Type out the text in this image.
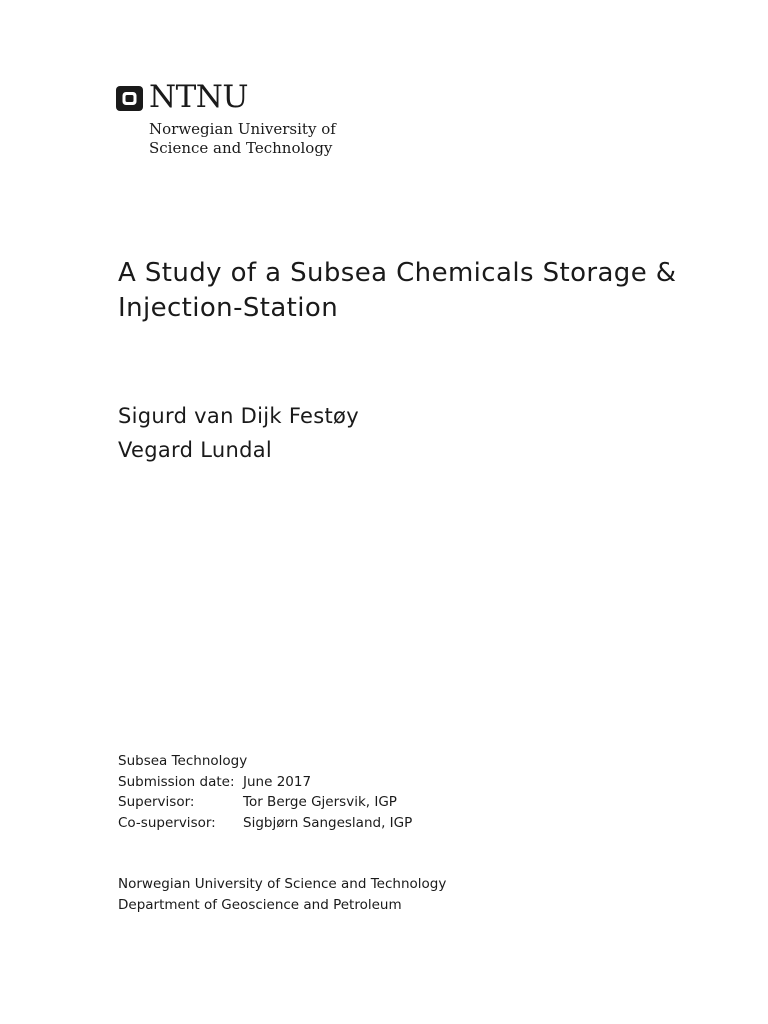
NTNU
Norwegian University of
Science and Technology
A Study of a Subsea Chemicals Storage & Injection-Station
Sigurd van Dijk Festøy
Vegard Lundal
Subsea Technology
Submission date: June 2017
Supervisor:	Tor Berge Gjersvik, IGP
Co-supervisor: Sigbjørn Sangesland, IGP
Norwegian University of Science and Technology
Department of Geoscience and Petroleum
